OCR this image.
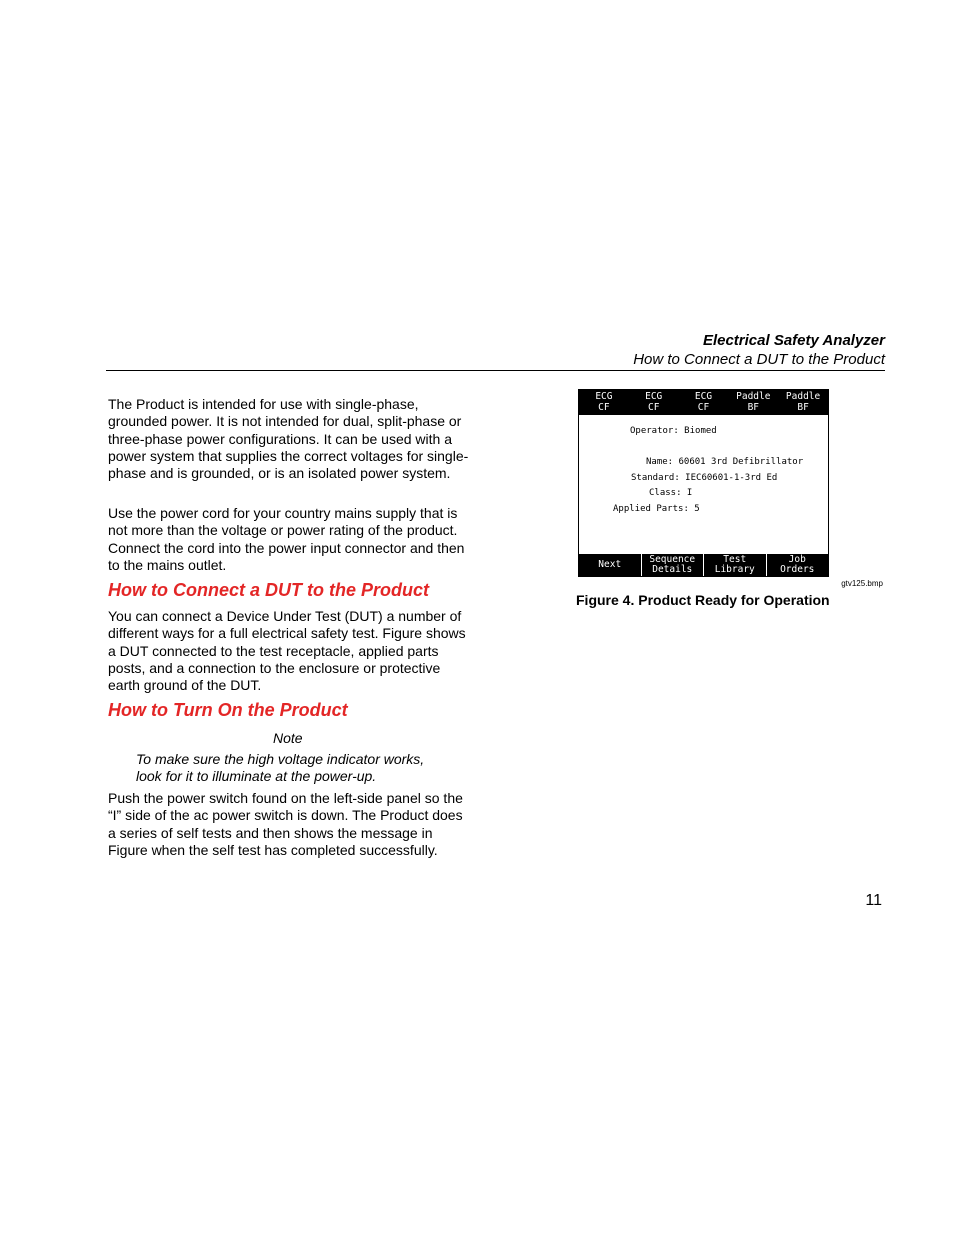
Electrical Safety Analyzer
How to Connect a DUT to the Product

The Product is intended for use with single-phase, grounded power. It is not intended for dual, split-phase or three-phase power configurations. It can be used with a power system that supplies the correct voltages for single-phase and is grounded, or is an isolated power system.

Use the power cord for your country mains supply that is not more than the voltage or power rating of the product. Connect the cord into the power input connector and then to the mains outlet.

How to Connect a DUT to the Product

You can connect a Device Under Test (DUT) a number of different ways for a full electrical safety test. Figure shows a DUT connected to the test receptacle, applied parts posts, and a connection to the enclosure or protective earth ground of the DUT.

How to Turn On the Product
Note
To make sure the high voltage indicator works, look for it to illuminate at the power-up.

Push the power switch found on the left-side panel so the “I” side of the ac power switch is down. The Product does a series of self tests and then shows the message in Figure when the self test has completed successfully.

ECG
CF
ECG
CF
ECG
CF
Paddle
BF
Paddle
BF
Operator: Biomed
Name: 60601 3rd Defibrillator
Standard: IEC60601-1-3rd Ed
Class: I
Applied Parts: 5
Next	Sequence
Details
Test
Library
Job
Orders
gtv125.bmp
Figure 4. Product Ready for Operation
11
